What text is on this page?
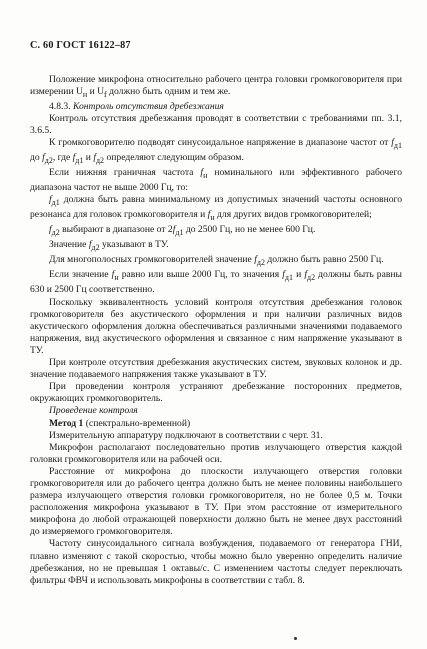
С. 60 ГОСТ 16122–87

Положение микрофона относительно рабочего центра головки громкоговорителя при измерении $U_н$ и $U_f$ должно быть одним и тем же.

4.8.3. Контроль отсутствия дребезжания

Контроль отсутствия дребезжания проводят в соответствии с требованиями пп. 3.1, 3.6.5.

К громкоговорителю подводят синусоидальное напряжение в диапазоне частот от $f_{д1}$ до $f_{д2}$, где $f_{д1}$ и $f_{д2}$ определяют следующим образом.

Если нижняя граничная частота $f_н$ номинального или эффективного рабочего диапазона частот не выше 2000 Гц, то:

$f_{д1}$ должна быть равна минимальному из допустимых значений частоты основного резонанса для головок громкоговорителя и $f_н$ для других видов громкоговорителей;

$f_{д2}$ выбирают в диапазоне от $2f_{д1}$ до 2500 Гц, но не менее 600 Гц.

Значение $f_{д2}$ указывают в ТУ.

Для многополосных громкоговорителей значение $f_{д2}$ должно быть равно 2500 Гц.

Если значение $f_н$ равно или выше 2000 Гц, то значения $f_{д1}$ и $f_{д2}$ должны быть равны 630 и 2500 Гц соответственно.

Поскольку эквивалентность условий контроля отсутствия дребезжания головок громкоговорителя без акустического оформления и при наличии различных видов акустического оформления должна обеспечиваться различными значениями подаваемого напряжения, вид акустического оформления и связанное с ним напряжение указывают в ТУ.

При контроле отсутствия дребезжания акустических систем, звуковых колонок и др. значение подаваемого напряжения также указывают в ТУ.

При проведении контроля устраняют дребезжание посторонних предметов, окружающих громкоговоритель.

Проведение контроля

Метод 1 (спектрально-временной)

Измерительную аппаратуру подключают в соответствии с черт. 31.

Микрофон располагают последовательно против излучающего отверстия каждой головки громкоговорителя или на рабочей оси.

Расстояние от микрофона до плоскости излучающего отверстия головки громкоговорителя или до рабочего центра должно быть не менее половины наибольшего размера излучающего отверстия головки громкоговорителя, но не более 0,5 м. Точки расположения микрофона указывают в ТУ. При этом расстояние от измерительного микрофона до любой отражающей поверхности должно быть не менее двух расстояний до измеряемого громкоговорителя.

Частоту синусоидального сигнала возбуждения, подаваемого от генератора ГНИ, плавно изменяют с такой скоростью, чтобы можно было уверенно определить наличие дребезжания, но не превышая 1 октавы/с. С изменением частоты следует переключать фильтры ФВЧ и использовать микрофоны в соответствии с табл. 8.
